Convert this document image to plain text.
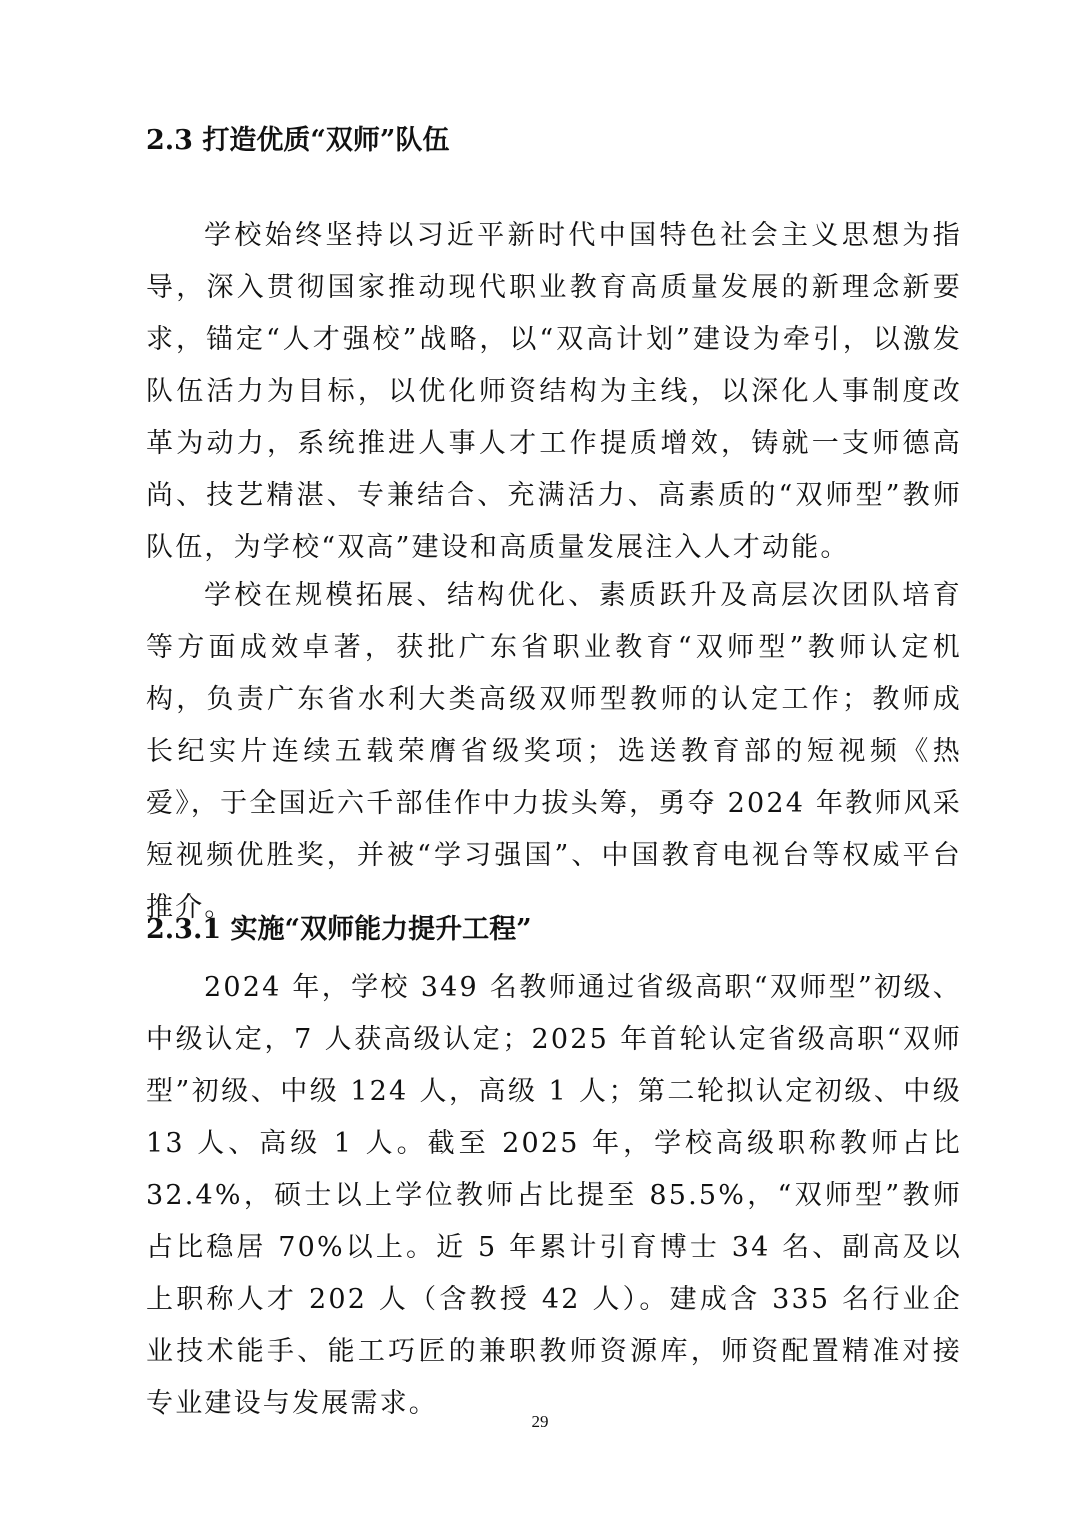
2.3 打造优质“双师”队伍

学校始终坚持以习近平新时代中国特色社会主义思想为指导，深入贯彻国家推动现代职业教育高质量发展的新理念新要求，锚定“人才强校”战略，以“双高计划”建设为牵引，以激发队伍活力为目标，以优化师资结构为主线，以深化人事制度改革为动力，系统推进人事人才工作提质增效，铸就一支师德高尚、技艺精湛、专兼结合、充满活力、高素质的“双师型”教师队伍，为学校“双高”建设和高质量发展注入人才动能。

学校在规模拓展、结构优化、素质跃升及高层次团队培育等方面成效卓著，获批广东省职业教育“双师型”教师认定机构，负责广东省水利大类高级双师型教师的认定工作；教师成长纪实片连续五载荣膺省级奖项；选送教育部的短视频《热爱》，于全国近六千部佳作中力拔头筹，勇夺 2024 年教师风采短视频优胜奖，并被“学习强国”、中国教育电视台等权威平台推介。

2.3.1 实施“双师能力提升工程”

2024 年，学校 349 名教师通过省级高职“双师型”初级、中级认定，7 人获高级认定；2025 年首轮认定省级高职“双师型”初级、中级 124 人，高级 1 人；第二轮拟认定初级、中级 13 人、高级 1 人。截至 2025 年，学校高级职称教师占比 32.4%，硕士以上学位教师占比提至 85.5%，“双师型”教师占比稳居 70%以上。近 5 年累计引育博士 34 名、副高及以上职称人才 202 人（含教授 42 人）。建成含 335 名行业企业技术能手、能工巧匠的兼职教师资源库，师资配置精准对接专业建设与发展需求。

29
